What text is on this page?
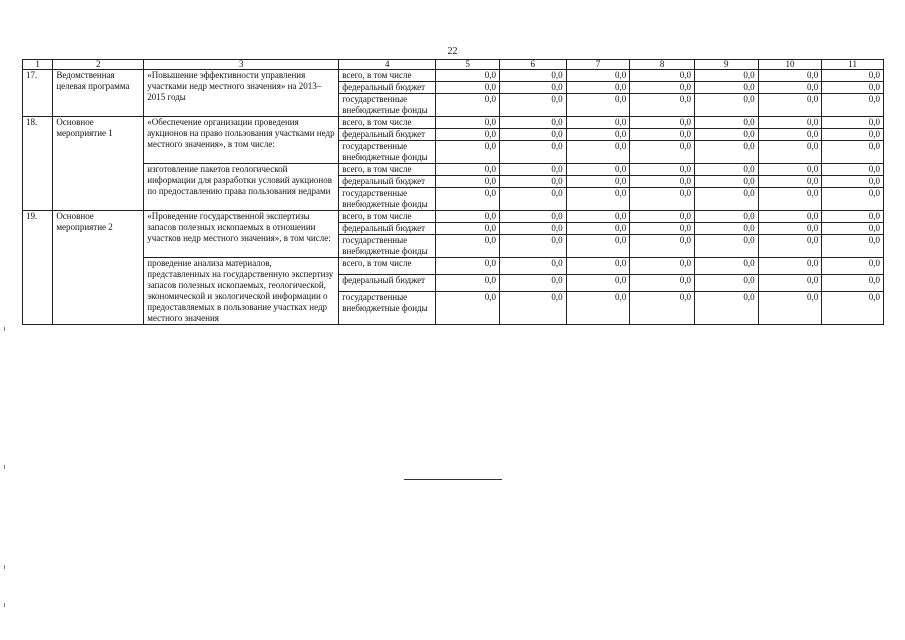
22
1	2	3	4	5	6	7	8	9	10	11
17.	Ведомственная целевая программа	«Повышение эффективности управления участками недр местного значения» на 2013–2015 годы	всего, в том числе	0,0	0,0	0,0	0,0	0,0	0,0	0,0
			федеральный бюджет	0,0	0,0	0,0	0,0	0,0	0,0	0,0
			государственные внебюджетные фонды	0,0	0,0	0,0	0,0	0,0	0,0	0,0
18.	Основное мероприятие 1	«Обеспечение организации проведения аукционов на право пользования участками недр местного значения», в том числе:	всего, в том числе	0,0	0,0	0,0	0,0	0,0	0,0	0,0
			федеральный бюджет	0,0	0,0	0,0	0,0	0,0	0,0	0,0
			государственные внебюджетные фонды	0,0	0,0	0,0	0,0	0,0	0,0	0,0
		изготовление пакетов геологической информации для разработки условий аукционов по предоставлению права пользования недрами	всего, в том числе	0,0	0,0	0,0	0,0	0,0	0,0	0,0
			федеральный бюджет	0,0	0,0	0,0	0,0	0,0	0,0	0,0
			государственные внебюджетные фонды	0,0	0,0	0,0	0,0	0,0	0,0	0,0
19.	Основное мероприятие 2	«Проведение государственной экспертизы запасов полезных ископаемых в отношении участков недр местного значения», в том числе:	всего, в том числе	0,0	0,0	0,0	0,0	0,0	0,0	0,0
			федеральный бюджет	0,0	0,0	0,0	0,0	0,0	0,0	0,0
			государственные внебюджетные фонды	0,0	0,0	0,0	0,0	0,0	0,0	0,0
		проведение анализа материалов, представленных на государственную экспертизу запасов полезных ископаемых, геологической, экономической и экологической информации о предоставляемых в пользование участках недр местного значения	всего, в том числе	0,0	0,0	0,0	0,0	0,0	0,0	0,0
			федеральный бюджет	0,0	0,0	0,0	0,0	0,0	0,0	0,0
			государственные внебюджетные фонды	0,0	0,0	0,0	0,0	0,0	0,0	0,0
